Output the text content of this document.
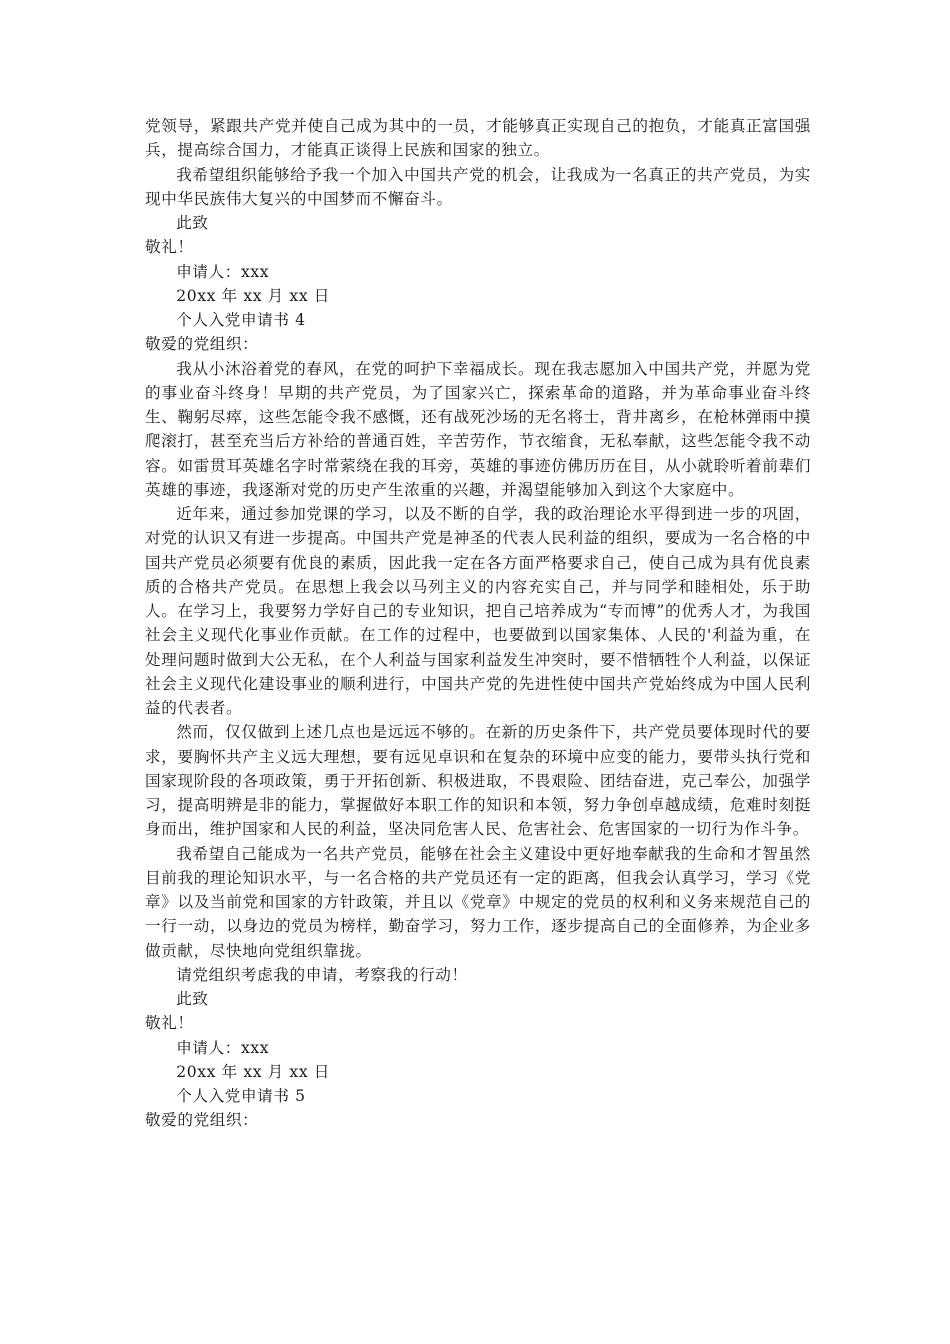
党领导，紧跟共产党并使自己成为其中的一员，才能够真正实现自己的抱负，才能真正富国强兵，提高综合国力，才能真正谈得上民族和国家的独立。

我希望组织能够给予我一个加入中国共产党的机会，让我成为一名真正的共产党员，为实现中华民族伟大复兴的中国梦而不懈奋斗。

此致

敬礼！

申请人：xxx

20xx 年 xx 月 xx 日

个人入党申请书 4

敬爱的党组织：

我从小沐浴着党的春风，在党的呵护下幸福成长。现在我志愿加入中国共产党，并愿为党的事业奋斗终身！早期的共产党员，为了国家兴亡，探索革命的道路，并为革命事业奋斗终生、鞠躬尽瘁，这些怎能令我不感慨，还有战死沙场的无名将士，背井离乡，在枪林弹雨中摸爬滚打，甚至充当后方补给的普通百姓，辛苦劳作，节衣缩食，无私奉献，这些怎能令我不动容。如雷贯耳英雄名字时常萦绕在我的耳旁，英雄的事迹仿佛历历在目，从小就聆听着前辈们英雄的事迹，我逐渐对党的历史产生浓重的兴趣，并渴望能够加入到这个大家庭中。

近年来，通过参加党课的学习，以及不断的自学，我的政治理论水平得到进一步的巩固，对党的认识又有进一步提高。中国共产党是神圣的代表人民利益的组织，要成为一名合格的中国共产党员必须要有优良的素质，因此我一定在各方面严格要求自己，使自己成为具有优良素质的合格共产党员。在思想上我会以马列主义的内容充实自己，并与同学和睦相处，乐于助人。在学习上，我要努力学好自己的专业知识，把自己培养成为“专而博”的优秀人才，为我国社会主义现代化事业作贡献。在工作的过程中，也要做到以国家集体、人民的'利益为重，在处理问题时做到大公无私，在个人利益与国家利益发生冲突时，要不惜牺牲个人利益，以保证社会主义现代化建设事业的顺利进行，中国共产党的先进性使中国共产党始终成为中国人民利益的代表者。

然而，仅仅做到上述几点也是远远不够的。在新的历史条件下，共产党员要体现时代的要求，要胸怀共产主义远大理想，要有远见卓识和在复杂的环境中应变的能力，要带头执行党和国家现阶段的各项政策，勇于开拓创新、积极进取，不畏艰险、团结奋进，克己奉公，加强学习，提高明辨是非的能力，掌握做好本职工作的知识和本领，努力争创卓越成绩，危难时刻挺身而出，维护国家和人民的利益，坚决同危害人民、危害社会、危害国家的一切行为作斗争。

我希望自己能成为一名共产党员，能够在社会主义建设中更好地奉献我的生命和才智虽然目前我的理论知识水平，与一名合格的共产党员还有一定的距离，但我会认真学习，学习《党章》以及当前党和国家的方针政策，并且以《党章》中规定的党员的权利和义务来规范自己的一行一动，以身边的党员为榜样，勤奋学习，努力工作，逐步提高自己的全面修养，为企业多做贡献，尽快地向党组织靠拢。

请党组织考虑我的申请，考察我的行动！

此致

敬礼！

申请人：xxx

20xx 年 xx 月 xx 日

个人入党申请书 5

敬爱的党组织：
